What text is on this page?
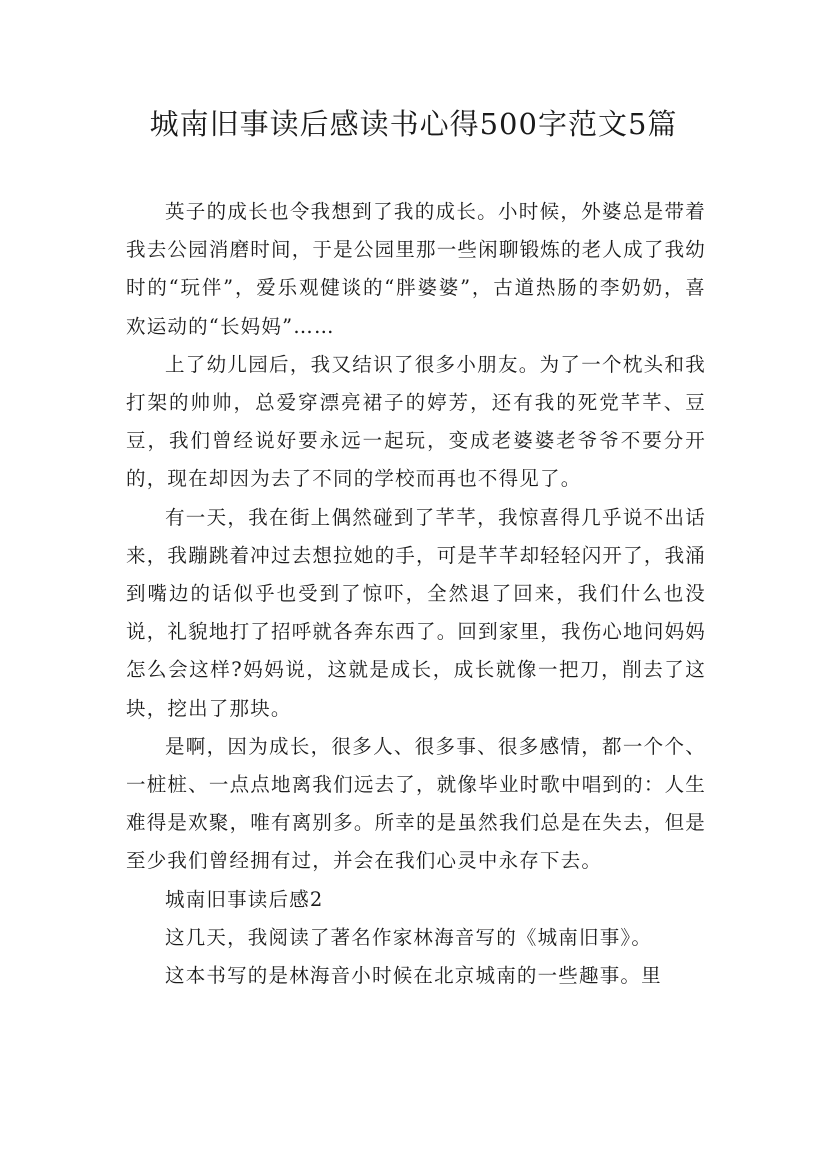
城南旧事读后感读书心得500字范文5篇

英子的成长也令我想到了我的成长。小时候，外婆总是带着我去公园消磨时间，于是公园里那一些闲聊锻炼的老人成了我幼时的“玩伴”，爱乐观健谈的“胖婆婆”，古道热肠的李奶奶，喜欢运动的“长妈妈”……

上了幼儿园后，我又结识了很多小朋友。为了一个枕头和我打架的帅帅，总爱穿漂亮裙子的婷芳，还有我的死党芊芊、豆豆，我们曾经说好要永远一起玩，变成老婆婆老爷爷不要分开的，现在却因为去了不同的学校而再也不得见了。

有一天，我在街上偶然碰到了芊芊，我惊喜得几乎说不出话来，我蹦跳着冲过去想拉她的手，可是芊芊却轻轻闪开了，我涌到嘴边的话似乎也受到了惊吓，全然退了回来，我们什么也没说，礼貌地打了招呼就各奔东西了。回到家里，我伤心地问妈妈怎么会这样?妈妈说，这就是成长，成长就像一把刀，削去了这块，挖出了那块。

是啊，因为成长，很多人、很多事、很多感情，都一个个、一桩桩、一点点地离我们远去了，就像毕业时歌中唱到的：人生难得是欢聚，唯有离别多。所幸的是虽然我们总是在失去，但是至少我们曾经拥有过，并会在我们心灵中永存下去。

城南旧事读后感2

这几天，我阅读了著名作家林海音写的《城南旧事》。

这本书写的是林海音小时候在北京城南的一些趣事。里
